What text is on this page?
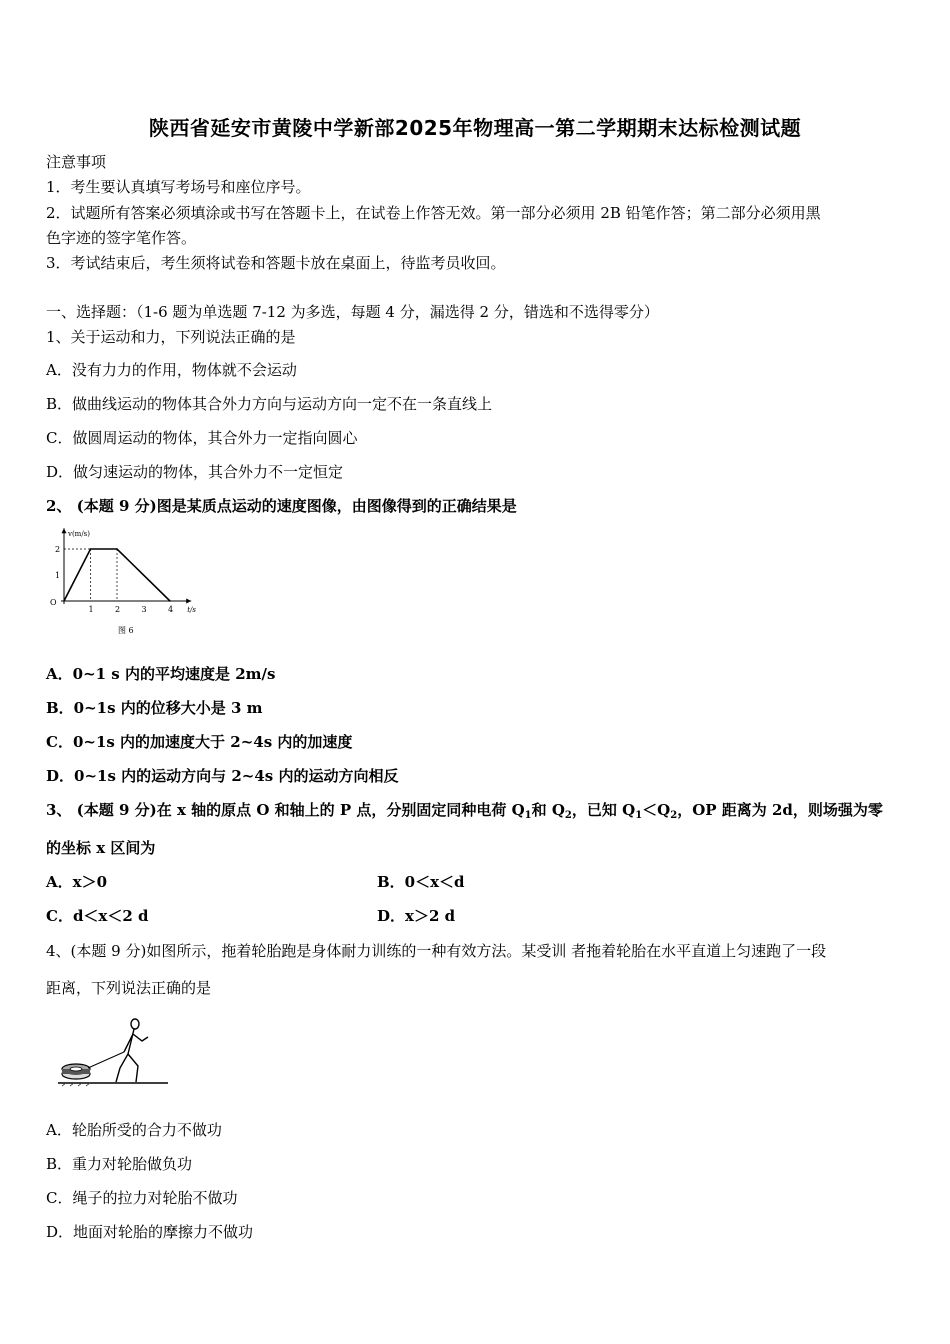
陕西省延安市黄陵中学新部2025年物理高一第二学期期末达标检测试题
注意事项
1．考生要认真填写考场号和座位序号。
2．试题所有答案必须填涂或书写在答题卡上，在试卷上作答无效。第一部分必须用 2B 铅笔作答；第二部分必须用黑
色字迹的签字笔作答。
3．考试结束后，考生须将试卷和答题卡放在桌面上，待监考员收回。
一、选择题：（1-6 题为单选题 7-12 为多选，每题 4 分，漏选得 2 分，错选和不选得零分）
1、关于运动和力，下列说法正确的是
A．没有力力的作用，物体就不会运动
B．做曲线运动的物体其合外力方向与运动方向一定不在一条直线上
C．做圆周运动的物体，其合外力一定指向圆心
D．做匀速运动的物体，其合外力不一定恒定
2、 (本题 9 分)图是某质点运动的速度图像，由图像得到的正确结果是
v(m/s)
t/s
O
1
2
1	2	3	4
图 6
A．0~1 s 内的平均速度是 2m/s
B．0~1s 内的位移大小是 3 m
C．0~1s 内的加速度大于 2~4s 内的加速度
D．0~1s 内的运动方向与 2~4s 内的运动方向相反
3、 (本题 9 分)在 x 轴的原点 O 和轴上的 P 点，分别固定同种电荷 $Q_1$和 $Q_2$，已知 $Q_1<Q_2$，OP 距离为 2d，则场强为零
的坐标 x 区间为
A．x＞0	B．0＜x＜d
C．d＜x＜2 d	D．x＞2 d
4、(本题 9 分)如图所示，拖着轮胎跑是身体耐力训练的一种有效方法。某受训 者拖着轮胎在水平直道上匀速跑了一段
距离，下列说法正确的是
A．轮胎所受的合力不做功
B．重力对轮胎做负功
C．绳子的拉力对轮胎不做功
D．地面对轮胎的摩擦力不做功
